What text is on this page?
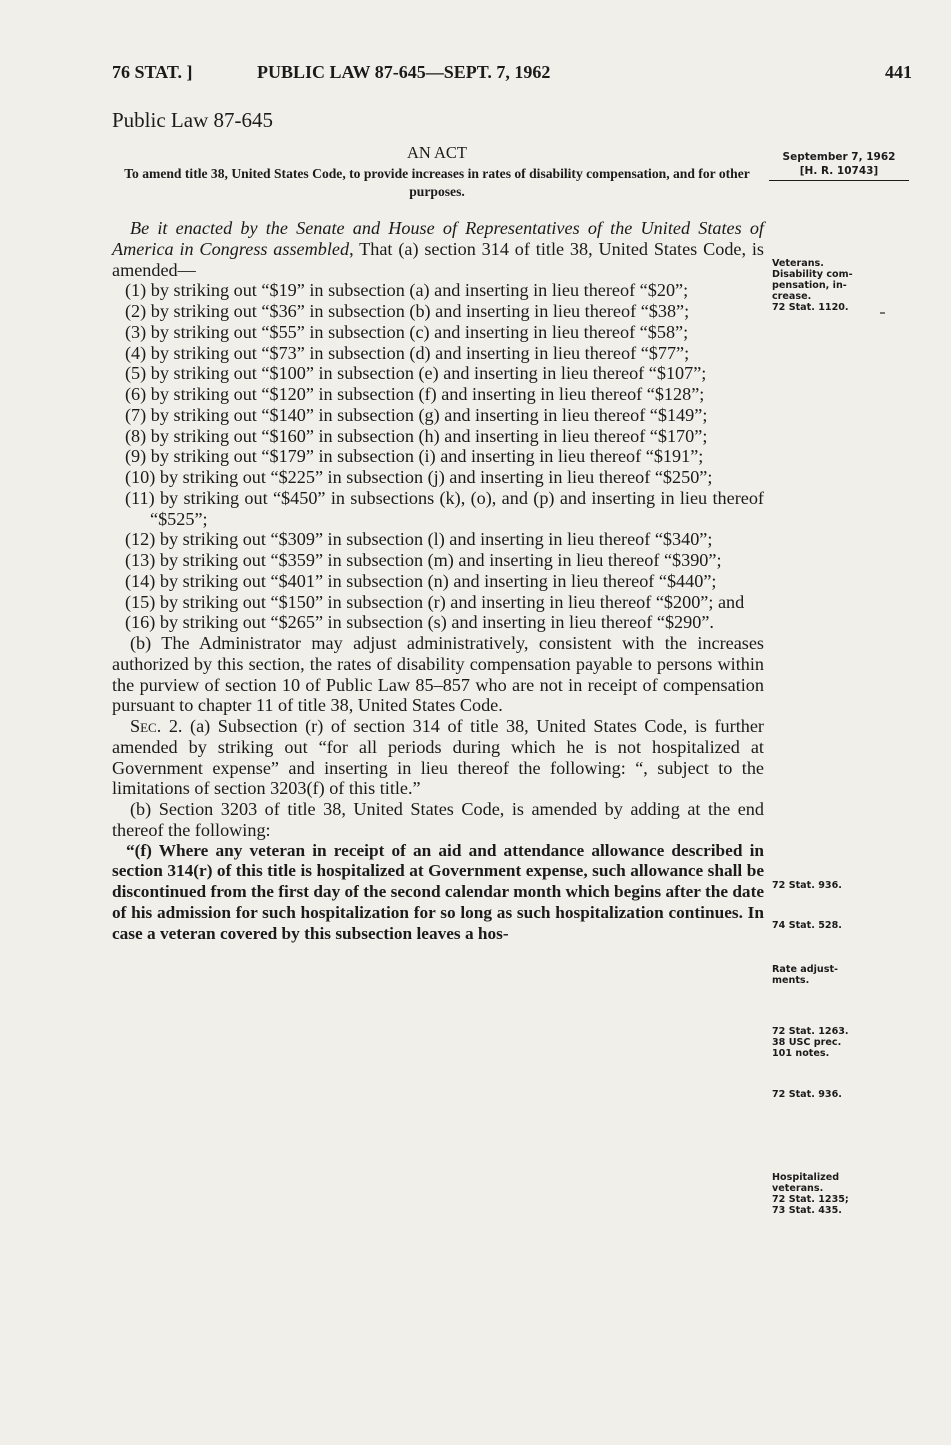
76 STAT. ]	PUBLIC LAW 87-645—SEPT. 7, 1962	441
Public Law 87-645
AN ACT
To amend title 38, United States Code, to provide increases in rates of disability compensation, and for other purposes.
September 7, 1962
[H. R. 10743]

Be it enacted by the Senate and House of Representatives of the United States of America in Congress assembled, That (a) section 314 of title 38, United States Code, is amended—

(1) by striking out “$19” in subsection (a) and inserting in lieu thereof “$20”;

(2) by striking out “$36” in subsection (b) and inserting in lieu thereof “$38”;

(3) by striking out “$55” in subsection (c) and inserting in lieu thereof “$58”;

(4) by striking out “$73” in subsection (d) and inserting in lieu thereof “$77”;

(5) by striking out “$100” in subsection (e) and inserting in lieu thereof “$107”;

(6) by striking out “$120” in subsection (f) and inserting in lieu thereof “$128”;

(7) by striking out “$140” in subsection (g) and inserting in lieu thereof “$149”;

(8) by striking out “$160” in subsection (h) and inserting in lieu thereof “$170”;

(9) by striking out “$179” in subsection (i) and inserting in lieu thereof “$191”;

(10) by striking out “$225” in subsection (j) and inserting in lieu thereof “$250”;

(11) by striking out “$450” in subsections (k), (o), and (p) and inserting in lieu thereof “$525”;

(12) by striking out “$309” in subsection (l) and inserting in lieu thereof “$340”;

(13) by striking out “$359” in subsection (m) and inserting in lieu thereof “$390”;

(14) by striking out “$401” in subsection (n) and inserting in lieu thereof “$440”;

(15) by striking out “$150” in subsection (r) and inserting in lieu thereof “$200”; and

(16) by striking out “$265” in subsection (s) and inserting in lieu thereof “$290”.

(b) The Administrator may adjust administratively, consistent with the increases authorized by this section, the rates of disability compensation payable to persons within the purview of section 10 of Public Law 85–857 who are not in receipt of compensation pursuant to chapter 11 of title 38, United States Code.

Sec. 2. (a) Subsection (r) of section 314 of title 38, United States Code, is further amended by striking out “for all periods during which he is not hospitalized at Government expense” and inserting in lieu thereof the following: “, subject to the limitations of section 3203(f) of this title.”

(b) Section 3203 of title 38, United States Code, is amended by adding at the end thereof the following:

“(f) Where any veteran in receipt of an aid and attendance allowance described in section 314(r) of this title is hospitalized at Government expense, such allowance shall be discontinued from the first day of the second calendar month which begins after the date of his admission for such hospitalization for so long as such hospitalization continues. In case a veteran covered by this subsection leaves a hos-

Veterans.
Disability com-
pensation, in-
crease.
72 Stat. 1120.
72 Stat. 936.
74 Stat. 528.
Rate adjust-
ments.
72 Stat. 1263.
38 USC prec.
101 notes.
72 Stat. 936.
Hospitalized
veterans.
72 Stat. 1235;
73 Stat. 435.
